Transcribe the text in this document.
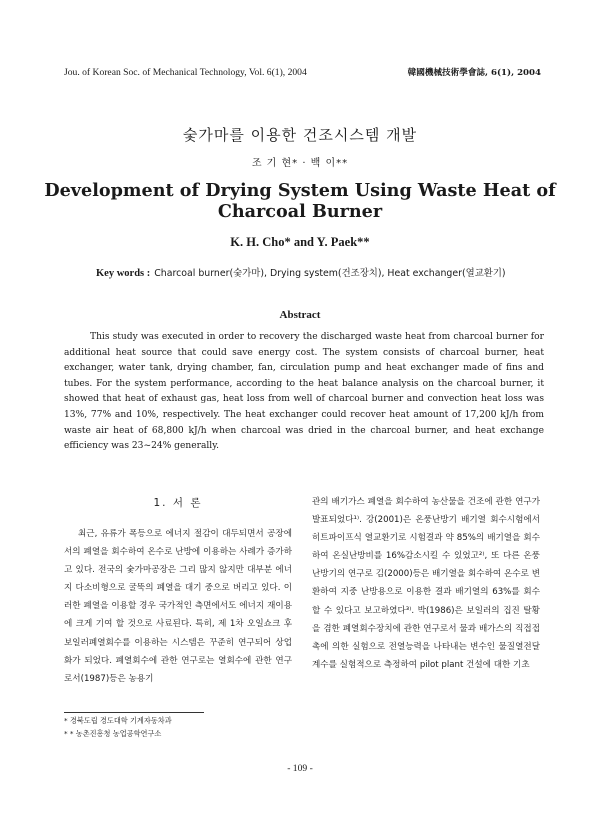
Jou. of Korean Soc. of Mechanical Technology, Vol. 6(1), 2004	韓國機械技術學會誌, 6(1), 2004
숯가마를 이용한 건조시스템 개발
조 기 현* · 백 이**
Development of Drying System Using Waste Heat of Charcoal Burner
K. H. Cho* and Y. Paek**
Key words : Charcoal burner(숯가마), Drying system(건조장치), Heat exchanger(열교환기)
Abstract

This study was executed in order to recovery the discharged waste heat from charcoal burner for additional heat source that could save energy cost. The system consists of charcoal burner, heat exchanger, water tank, drying chamber, fan, circulation pump and heat exchanger made of fins and tubes. For the system performance, according to the heat balance analysis on the charcoal burner, it showed that heat of exhaust gas, heat loss from well of charcoal burner and convection heat loss was 13%, 77% and 10%, respectively. The heat exchanger could recover heat amount of 17,200 kJ/h from waste air heat of 68,800 kJ/h when charcoal was dried in the charcoal burner, and heat exchange efficiency was 23~24% generally.

1. 서 론

최근, 유류가 폭등으로 에너지 절감이 대두되면서 공장에서의 폐열을 회수하여 온수로 난방에 이용하는 사례가 증가하고 있다. 전국의 숯가마공장은 그리 많지 않지만 대부분 에너지 다소비형으로 굴뚝의 폐열을 대기 중으로 버리고 있다. 이러한 폐열을 이용할 경우 국가적인 측면에서도 에너지 재이용에 크게 기여 할 것으로 사료된다. 특히, 제 1차 오일쇼크 후 보일러폐열회수를 이용하는 시스템은 꾸준히 연구되어 상업화가 되었다. 폐열회수에 관한 연구로는 열회수에 관한 연구로서(1987)등은 농용기

관의 배기가스 폐열을 회수하여 농산물을 건조에 관한 연구가 발표되었다¹⁾. 강(2001)은 온풍난방기 배기열 회수시험에서 히트파이프식 열교환기로 시험결과 약 85%의 배기열을 회수하여 온실난방비를 16%감소시킬 수 있었고²⁾, 또 다른 온풍난방기의 연구로 김(2000)등은 배기열을 회수하여 온수로 변환하여 지중 난방용으로 이용한 결과 배기열의 63%를 회수할 수 있다고 보고하였다³⁾. 박(1986)은 보일러의 집진 탈황을 겸한 폐열회수장치에 관한 연구로서 물과 배가스의 직접접촉에 의한 실험으로 전열능력을 나타내는 변수인 물질열전달계수를 실험적으로 측정하여 pilot plant 건설에 대한 기초

* 경북도립 경도대학 기계자동차과
* * 농촌진흥청 농업공학연구소
- 109 -
